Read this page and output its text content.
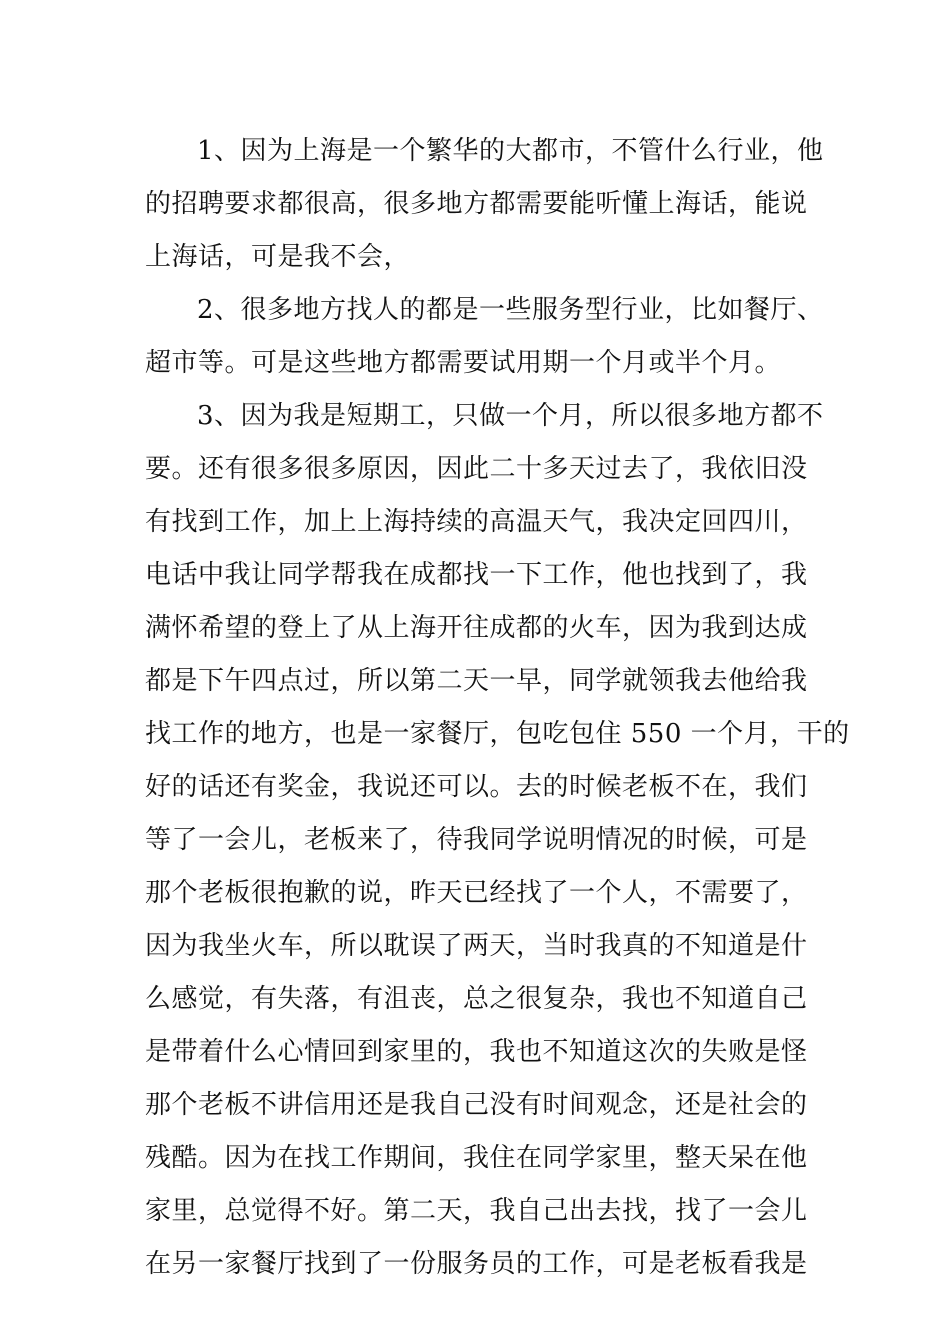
1、因为上海是一个繁华的大都市，不管什么行业，他
的招聘要求都很高，很多地方都需要能听懂上海话，能说
上海话，可是我不会，
2、很多地方找人的都是一些服务型行业，比如餐厅、
超市等。可是这些地方都需要试用期一个月或半个月。
3、因为我是短期工，只做一个月，所以很多地方都不
要。还有很多很多原因，因此二十多天过去了，我依旧没
有找到工作，加上上海持续的高温天气，我决定回四川，
电话中我让同学帮我在成都找一下工作，他也找到了，我
满怀希望的登上了从上海开往成都的火车，因为我到达成
都是下午四点过，所以第二天一早，同学就领我去他给我
找工作的地方，也是一家餐厅，包吃包住 550 一个月，干的
好的话还有奖金，我说还可以。去的时候老板不在，我们
等了一会儿，老板来了，待我同学说明情况的时候，可是
那个老板很抱歉的说，昨天已经找了一个人，不需要了，
因为我坐火车，所以耽误了两天，当时我真的不知道是什
么感觉，有失落，有沮丧，总之很复杂，我也不知道自己
是带着什么心情回到家里的，我也不知道这次的失败是怪
那个老板不讲信用还是我自己没有时间观念，还是社会的
残酷。因为在找工作期间，我住在同学家里，整天呆在他
家里，总觉得不好。第二天，我自己出去找，找了一会儿
在另一家餐厅找到了一份服务员的工作，可是老板看我是
